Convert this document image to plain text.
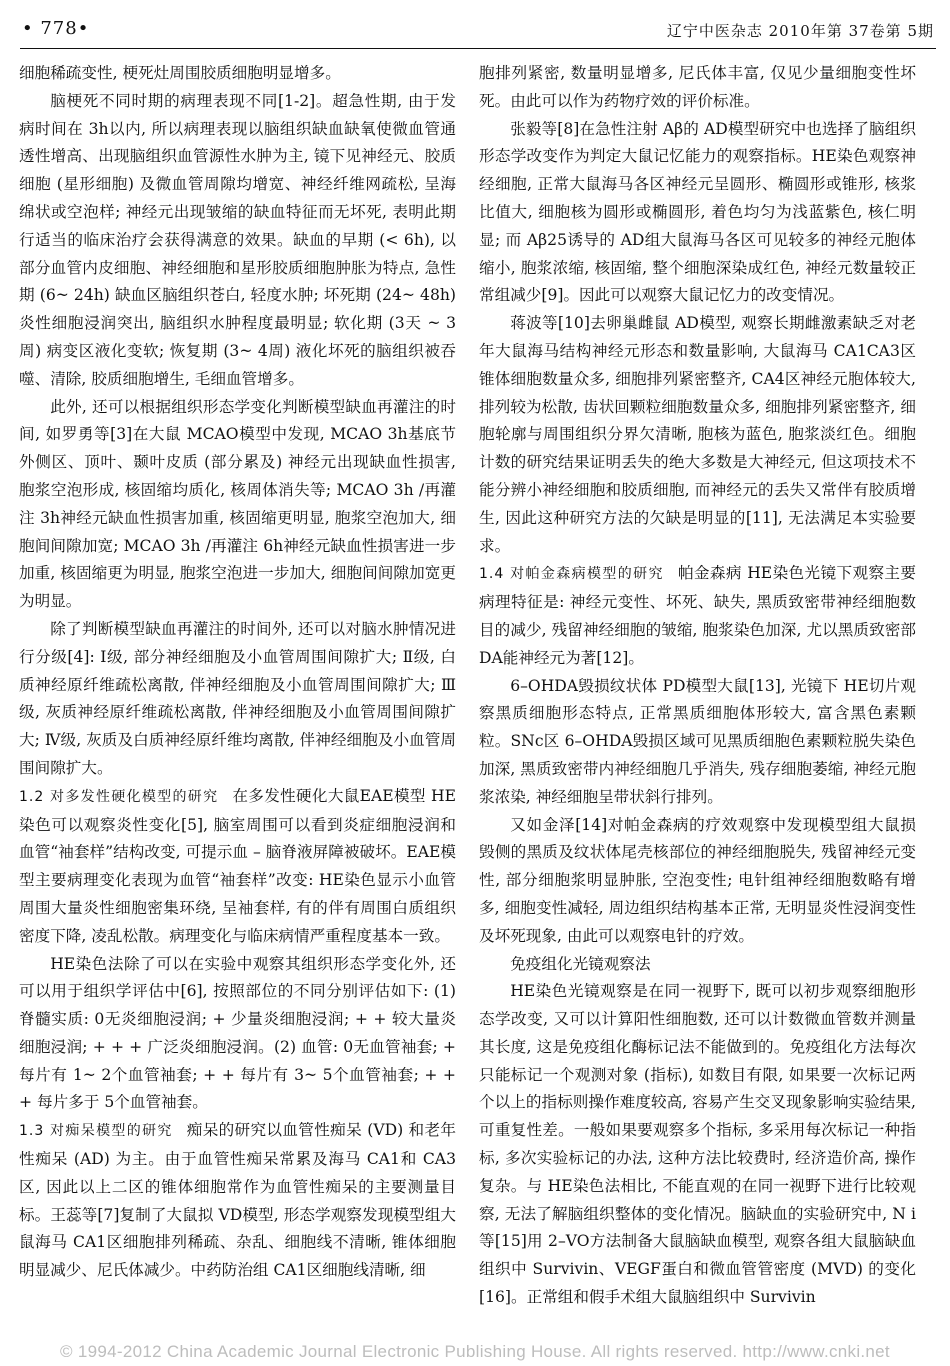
• 778•	辽宁中医杂志 2010年第 37卷第 5期

细胞稀疏变性, 梗死灶周围胶质细胞明显增多。

脑梗死不同时期的病理表现不同[1-2]。超急性期, 由于发病时间在 3h以内, 所以病理表现以脑组织缺血缺氧使微血管通透性增高、出现脑组织血管源性水肿为主, 镜下见神经元、胶质细胞 (星形细胞) 及微血管周隙均增宽、神经纤维网疏松, 呈海绵状或空泡样; 神经元出现皱缩的缺血特征而无坏死, 表明此期行适当的临床治疗会获得满意的效果。缺血的早期 (< 6h), 以部分血管内皮细胞、神经细胞和星形胶质细胞肿胀为特点, 急性期 (6~ 24h) 缺血区脑组织苍白, 轻度水肿; 坏死期 (24~ 48h) 炎性细胞浸润突出, 脑组织水肿程度最明显; 软化期 (3天 ~ 3周) 病变区液化变软; 恢复期 (3~ 4周) 液化坏死的脑组织被吞噬、清除, 胶质细胞增生, 毛细血管增多。

此外, 还可以根据组织形态学变化判断模型缺血再灌注的时间, 如罗勇等[3]在大鼠 MCAO模型中发现, MCAO 3h基底节外侧区、顶叶、颞叶皮质 (部分累及) 神经元出现缺血性损害, 胞浆空泡形成, 核固缩均质化, 核周体消失等; MCAO 3h /再灌注 3h神经元缺血性损害加重, 核固缩更明显, 胞浆空泡加大, 细胞间间隙加宽; MCAO 3h /再灌注 6h神经元缺血性损害进一步加重, 核固缩更为明显, 胞浆空泡进一步加大, 细胞间间隙加宽更为明显。

除了判断模型缺血再灌注的时间外, 还可以对脑水肿情况进行分级[4]: Ⅰ级, 部分神经细胞及小血管周围间隙扩大; Ⅱ级, 白质神经原纤维疏松离散, 伴神经细胞及小血管周围间隙扩大; Ⅲ级, 灰质神经原纤维疏松离散, 伴神经细胞及小血管周围间隙扩大; Ⅳ级, 灰质及白质神经原纤维均离散, 伴神经细胞及小血管周围间隙扩大。

1.2 对多发性硬化模型的研究 在多发性硬化大鼠EAE模型 HE染色可以观察炎性变化[5], 脑室周围可以看到炎症细胞浸润和血管“袖套样”结构改变, 可提示血 – 脑脊液屏障被破坏。EAE模型主要病理变化表现为血管“袖套样”改变: HE染色显示小血管周围大量炎性细胞密集环绕, 呈袖套样, 有的伴有周围白质组织密度下降, 凌乱松散。病理变化与临床病情严重程度基本一致。

HE染色法除了可以在实验中观察其组织形态学变化外, 还可以用于组织学评估中[6], 按照部位的不同分别评估如下: (1) 脊髓实质: 0无炎细胞浸润; + 少量炎细胞浸润; + + 较大量炎细胞浸润; + + + 广泛炎细胞浸润。(2) 血管: 0无血管袖套; + 每片有 1~ 2个血管袖套; + + 每片有 3~ 5个血管袖套; + + + 每片多于 5个血管袖套。

1.3 对痴呆模型的研究 痴呆的研究以血管性痴呆 (VD) 和老年性痴呆 (AD) 为主。由于血管性痴呆常累及海马 CA1和 CA3区, 因此以上二区的锥体细胞常作为血管性痴呆的主要测量目标。王蕊等[7]复制了大鼠拟 VD模型, 形态学观察发现模型组大鼠海马 CA1区细胞排列稀疏、杂乱、细胞线不清晰, 锥体细胞明显减少、尼氏体减少。中药防治组 CA1区细胞线清晰, 细

胞排列紧密, 数量明显增多, 尼氏体丰富, 仅见少量细胞变性坏死。由此可以作为药物疗效的评价标准。

张毅等[8]在急性注射 Aβ的 AD模型研究中也选择了脑组织形态学改变作为判定大鼠记忆能力的观察指标。HE染色观察神经细胞, 正常大鼠海马各区神经元呈圆形、椭圆形或锥形, 核浆比值大, 细胞核为圆形或椭圆形, 着色均匀为浅蓝紫色, 核仁明显; 而 Aβ25诱导的 AD组大鼠海马各区可见较多的神经元胞体缩小, 胞浆浓缩, 核固缩, 整个细胞深染成红色, 神经元数量较正常组减少[9]。因此可以观察大鼠记忆力的改变情况。

蒋波等[10]去卵巢雌鼠 AD模型, 观察长期雌激素缺乏对老年大鼠海马结构神经元形态和数量影响, 大鼠海马 CA1CA3区锥体细胞数量众多, 细胞排列紧密整齐, CA4区神经元胞体较大, 排列较为松散, 齿状回颗粒细胞数量众多, 细胞排列紧密整齐, 细胞轮廓与周围组织分界欠清晰, 胞核为蓝色, 胞浆淡红色。细胞计数的研究结果证明丢失的绝大多数是大神经元, 但这项技术不能分辨小神经细胞和胶质细胞, 而神经元的丢失又常伴有胶质增生, 因此这种研究方法的欠缺是明显的[11], 无法满足本实验要求。

1.4 对帕金森病模型的研究 帕金森病 HE染色光镜下观察主要病理特征是: 神经元变性、坏死、缺失, 黑质致密带神经细胞数目的减少, 残留神经细胞的皱缩, 胞浆染色加深, 尤以黑质致密部 DA能神经元为著[12]。

6–OHDA毁损纹状体 PD模型大鼠[13], 光镜下 HE切片观察黑质细胞形态特点, 正常黑质细胞体形较大, 富含黑色素颗粒。SNc区 6–OHDA毁损区域可见黑质细胞色素颗粒脱失染色加深, 黑质致密带内神经细胞几乎消失, 残存细胞萎缩, 神经元胞浆浓染, 神经细胞呈带状斜行排列。

又如金泽[14]对帕金森病的疗效观察中发现模型组大鼠损毁侧的黑质及纹状体尾壳核部位的神经细胞脱失, 残留神经元变性, 部分细胞浆明显肿胀, 空泡变性; 电针组神经细胞数略有增多, 细胞变性减轻, 周边组织结构基本正常, 无明显炎性浸润变性及坏死现象, 由此可以观察电针的疗效。

免疫组化光镜观察法

HE染色光镜观察是在同一视野下, 既可以初步观察细胞形态学改变, 又可以计算阳性细胞数, 还可以计数微血管数并测量其长度, 这是免疫组化酶标记法不能做到的。免疫组化方法每次只能标记一个观测对象 (指标), 如数目有限, 如果要一次标记两个以上的指标则操作难度较高, 容易产生交叉现象影响实验结果, 可重复性差。一般如果要观察多个指标, 多采用每次标记一种指标, 多次实验标记的办法, 这种方法比较费时, 经济造价高, 操作复杂。与 HE染色法相比, 不能直观的在同一视野下进行比较观察, 无法了解脑组织整体的变化情况。脑缺血的实验研究中, N i等[15]用 2–VO方法制备大鼠脑缺血模型, 观察各组大鼠脑缺血组织中 Survivin、VEGF蛋白和微血管管密度 (MVD) 的变化[16]。正常组和假手术组大鼠脑组织中 Survivin

© 1994-2012 China Academic Journal Electronic Publishing House. All rights reserved. http://www.cnki.net
